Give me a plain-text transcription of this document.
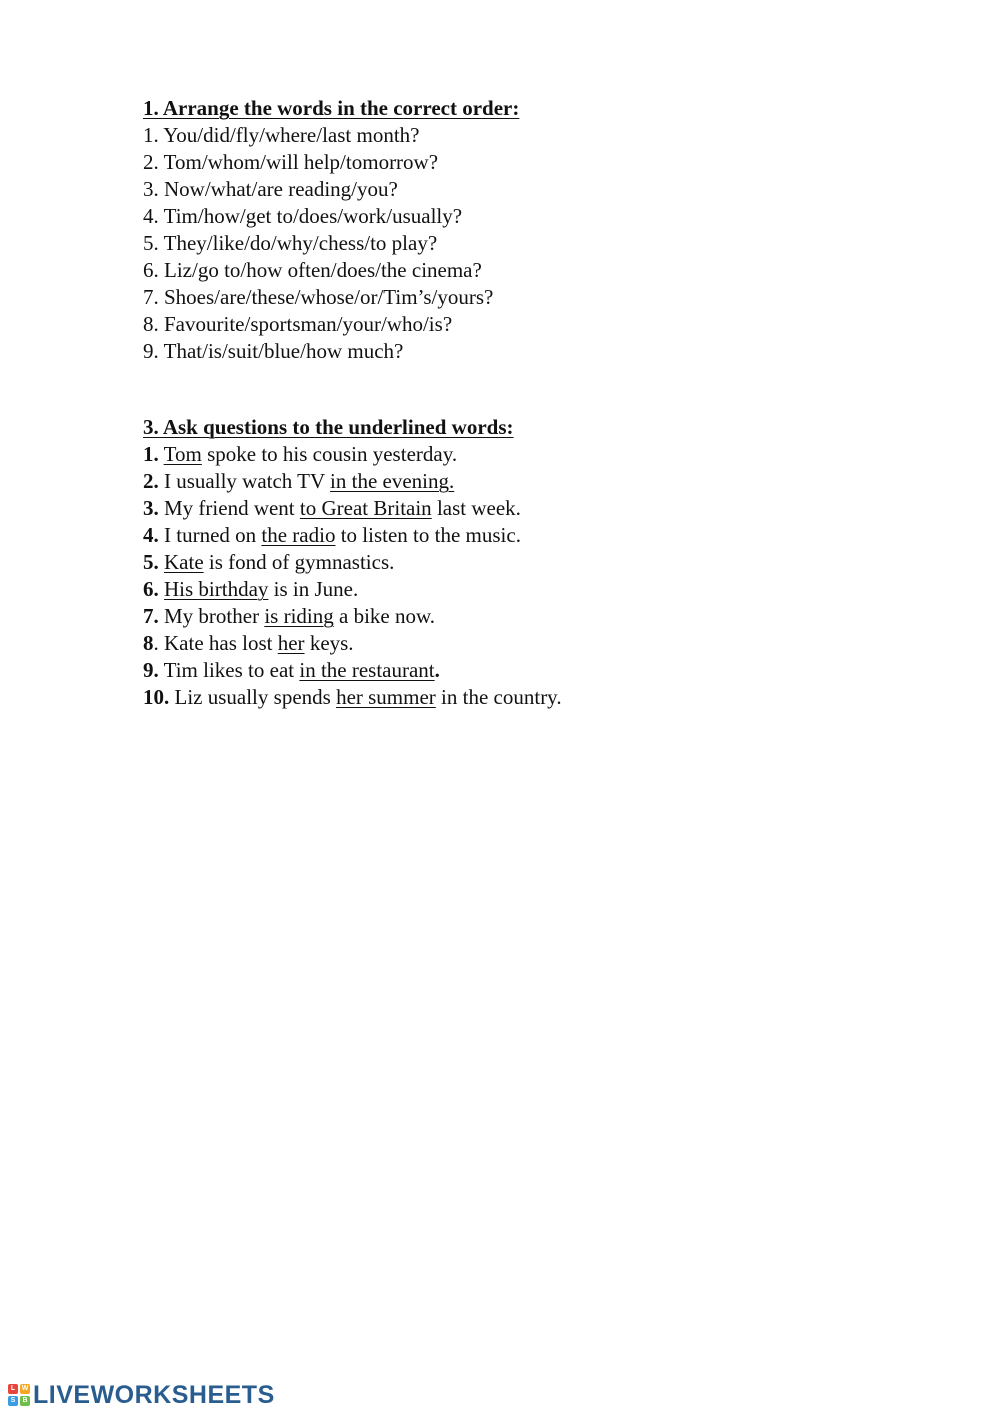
1. Arrange the words in the correct order:
1. You/did/fly/where/last month?
2. Tom/whom/will help/tomorrow?
3. Now/what/are reading/you?
4. Tim/how/get to/does/work/usually?
5. They/like/do/why/chess/to play?
6. Liz/go to/how often/does/the cinema?
7. Shoes/are/these/whose/or/Tim’s/yours?
8. Favourite/sportsman/your/who/is?
9. That/is/suit/blue/how much?
3. Ask questions to the underlined words:
1. Tom spoke to his cousin yesterday.
2. I usually watch TV in the evening.
3. My friend went to Great Britain last week.
4. I turned on the radio to listen to the music.
5. Kate is fond of gymnastics.
6. His birthday is in June.
7. My brother is riding a bike now.
8. Kate has lost her keys.
9. Tim likes to eat in the restaurant.
10. Liz usually spends her summer in the country.
L W
S	B LIVEWORKSHEETS
